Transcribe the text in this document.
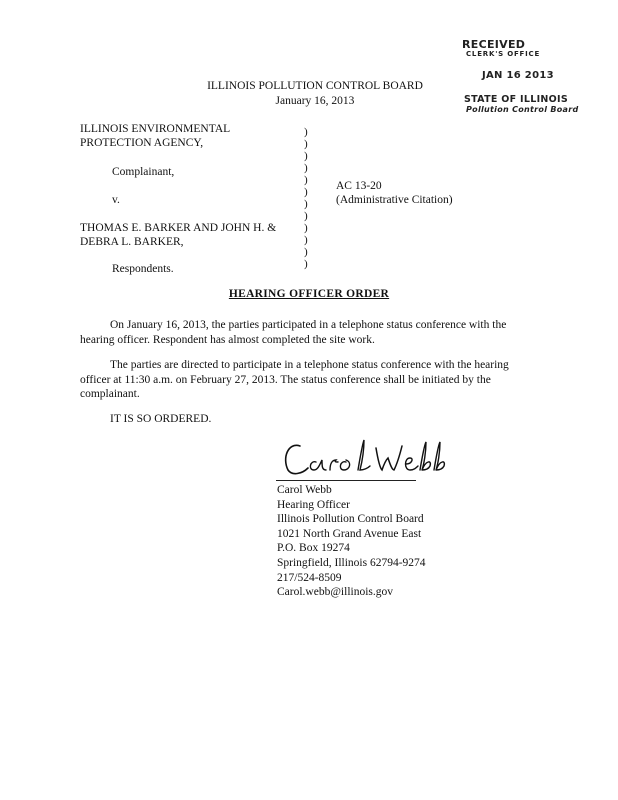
RECEIVED
CLERK'S OFFICE
JAN 16 2013
STATE OF ILLINOIS
Pollution Control Board
ILLINOIS POLLUTION CONTROL BOARD
January 16, 2013
ILLINOIS ENVIRONMENTAL
PROTECTION AGENCY,
Complainant,
v.
THOMAS E. BARKER AND JOHN H. &
DEBRA L. BARKER,
Respondents.
)
)
)
)
)
)
)
)
)
)
)
)
AC 13-20
(Administrative Citation)
HEARING OFFICER ORDER
On January 16, 2013, the parties participated in a telephone status conference with the hearing officer. Respondent has almost completed the site work.
The parties are directed to participate in a telephone status conference with the hearing officer at 11:30 a.m. on February 27, 2013. The status conference shall be initiated by the complainant.
IT IS SO ORDERED.
Carol Webb
Hearing Officer
Illinois Pollution Control Board
1021 North Grand Avenue East
P.O. Box 19274
Springfield, Illinois 62794-9274
217/524-8509
Carol.webb@illinois.gov
